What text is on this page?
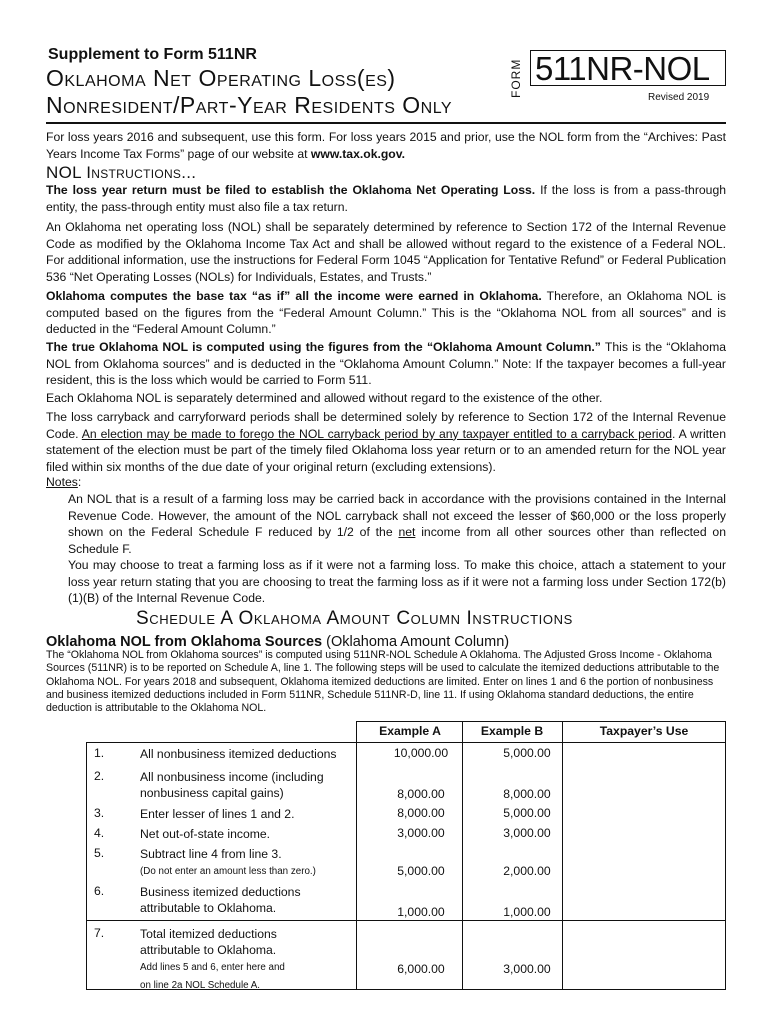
Supplement to Form 511NR
Oklahoma Net Operating Loss(es)
Nonresident/Part-Year Residents Only
FORM 511NR-NOL
Revised 2019

For loss years 2016 and subsequent, use this form. For loss years 2015 and prior, use the NOL form from the “Archives: Past Years Income Tax Forms” page of our website at www.tax.ok.gov.

NOL Instructions...

The loss year return must be filed to establish the Oklahoma Net Operating Loss. If the loss is from a pass-through entity, the pass-through entity must also file a tax return.

An Oklahoma net operating loss (NOL) shall be separately determined by reference to Section 172 of the Internal Revenue Code as modified by the Oklahoma Income Tax Act and shall be allowed without regard to the existence of a Federal NOL. For additional information, use the instructions for Federal Form 1045 “Application for Tentative Refund” or Federal Publication 536 “Net Operating Losses (NOLs) for Individuals, Estates, and Trusts.”

Oklahoma computes the base tax “as if” all the income were earned in Oklahoma. Therefore, an Oklahoma NOL is computed based on the figures from the “Federal Amount Column.” This is the “Oklahoma NOL from all sources” and is deducted in the “Federal Amount Column.”

The true Oklahoma NOL is computed using the figures from the “Oklahoma Amount Column.” This is the “Oklahoma NOL from Oklahoma sources” and is deducted in the “Oklahoma Amount Column.” Note: If the taxpayer becomes a full-year resident, this is the loss which would be carried to Form 511.

Each Oklahoma NOL is separately determined and allowed without regard to the existence of the other.

The loss carryback and carryforward periods shall be determined solely by reference to Section 172 of the Internal Revenue Code. An election may be made to forego the NOL carryback period by any taxpayer entitled to a carryback period. A written statement of the election must be part of the timely filed Oklahoma loss year return or to an amended return for the NOL year filed within six months of the due date of your original return (excluding extensions).

Notes:

An NOL that is a result of a farming loss may be carried back in accordance with the provisions contained in the Internal Revenue Code. However, the amount of the NOL carryback shall not exceed the lesser of $60,000 or the loss properly shown on the Federal Schedule F reduced by 1/2 of the net income from all other sources other than reflected on Schedule F.

You may choose to treat a farming loss as if it were not a farming loss. To make this choice, attach a statement to your loss year return stating that you are choosing to treat the farming loss as if it were not a farming loss under Section 172(b)(1)(B) of the Internal Revenue Code.

Schedule A Oklahoma Amount Column Instructions
Oklahoma NOL from Oklahoma Sources (Oklahoma Amount Column)

The “Oklahoma NOL from Oklahoma sources” is computed using 511NR-NOL Schedule A Oklahoma. The Adjusted Gross Income - Oklahoma Sources (511NR) is to be reported on Schedule A, line 1. The following steps will be used to calculate the itemized deductions attributable to the Oklahoma NOL. For years 2018 and subsequent, Oklahoma itemized deductions are limited. Enter on lines 1 and 6 the portion of nonbusiness and business itemized deductions included in Form 511NR, Schedule 511NR-D, line 11. If using Oklahoma standard deductions, the entire deduction is attributable to the Oklahoma NOL.

Example A	Example B	Taxpayer’s Use
1.	All nonbusiness itemized deductions	10,000.00	5,000.00
2.	All nonbusiness income (including
nonbusiness capital gains)	8,000.00	8,000.00
3.	Enter lesser of lines 1 and 2.	8,000.00	5,000.00
4.	Net out-of-state income.	3,000.00	3,000.00
5.	Subtract line 4 from line 3.
(Do not enter an amount less than zero.)	5,000.00	2,000.00
6.	Business itemized deductions
attributable to Oklahoma.	1,000.00	1,000.00
7.	Total itemized deductions
attributable to Oklahoma.
Add lines 5 and 6, enter here and
on line 2a NOL Schedule A.
6,000.00	3,000.00
